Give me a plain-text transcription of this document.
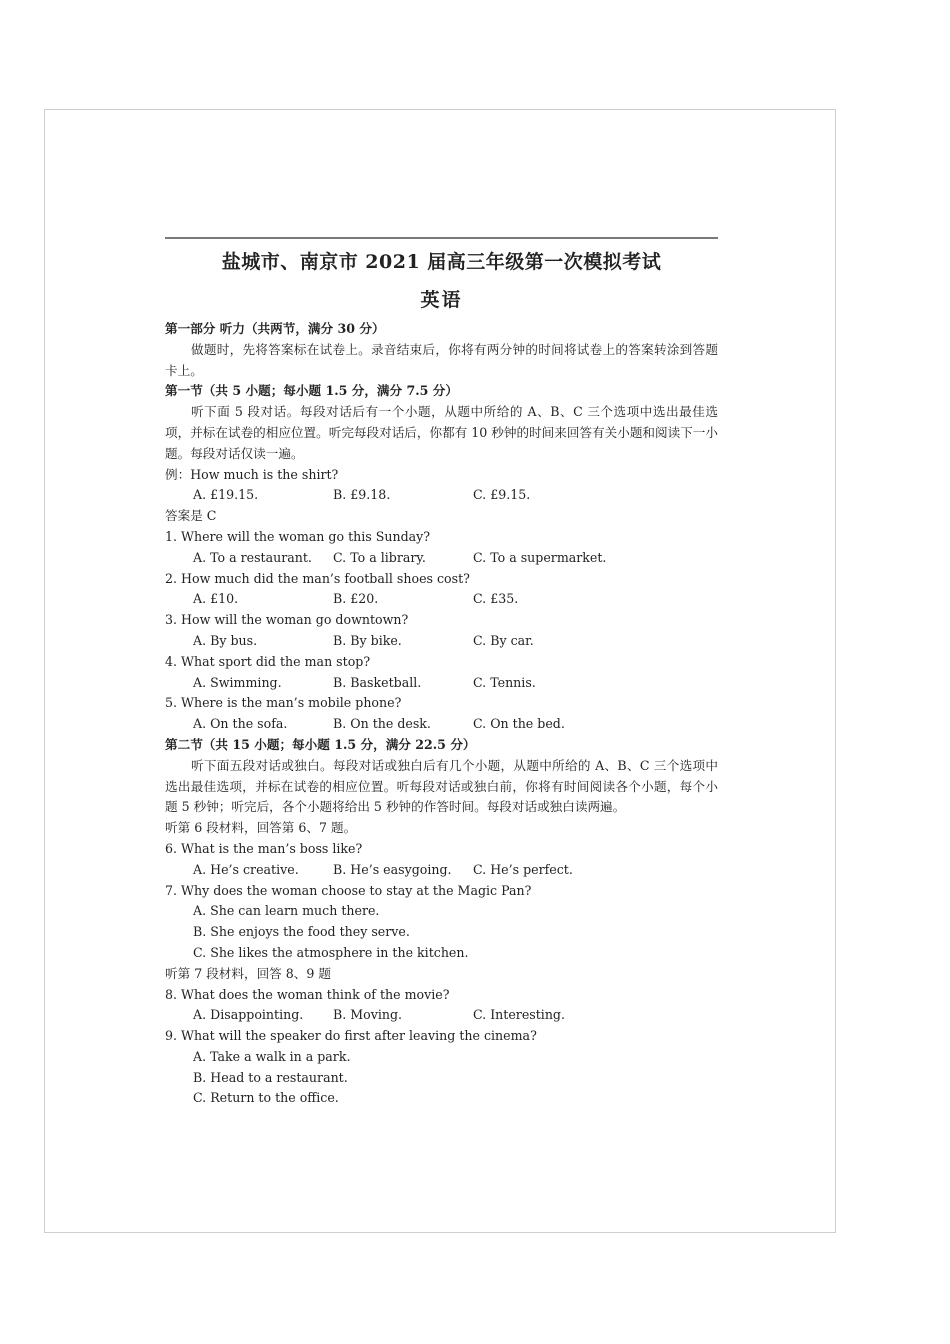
盐城市、南京市 2021 届高三年级第一次模拟考试
英语
第一部分 听力（共两节，满分 30 分）
做题时，先将答案标在试卷上。录音结束后，你将有两分钟的时间将试卷上的答案转涂到答题卡上。
第一节（共 5 小题；每小题 1.5 分，满分 7.5 分）
听下面 5 段对话。每段对话后有一个小题，从题中所给的 A、B、C 三个选项中选出最佳选项，并标在试卷的相应位置。听完每段对话后，你都有 10 秒钟的时间来回答有关小题和阅读下一小题。每段对话仅读一遍。
例：How much is the shirt?
A. £19.15.	B. £9.18.	C. £9.15.
答案是 C
1. Where will the woman go this Sunday?
A. To a restaurant. C. To a library.	C. To a supermarket.
2. How much did the man’s football shoes cost?
A. £10.	B. £20.	C. £35.
3. How will the woman go downtown?
A. By bus.	B. By bike.	C. By car.
4. What sport did the man stop?
A. Swimming.	B. Basketball.	C. Tennis.
5. Where is the man’s mobile phone?
A. On the sofa.	B. On the desk.	C. On the bed.
第二节（共 15 小题；每小题 1.5 分，满分 22.5 分）
听下面五段对话或独白。每段对话或独白后有几个小题，从题中所给的 A、B、C 三个选项中选出最佳选项，并标在试卷的相应位置。听每段对话或独白前，你将有时间阅读各个小题，每个小题 5 秒钟；听完后，各个小题将给出 5 秒钟的作答时间。每段对话或独白读两遍。
听第 6 段材料，回答第 6、7 题。
6. What is the man’s boss like?
A. He’s creative.	B. He’s easygoing. C. He’s perfect.
7. Why does the woman choose to stay at the Magic Pan?
A. She can learn much there.
B. She enjoys the food they serve.
C. She likes the atmosphere in the kitchen.
听第 7 段材料，回答 8、9 题
8. What does the woman think of the movie?
A. Disappointing. B. Moving.	C. Interesting.
9. What will the speaker do first after leaving the cinema?
A. Take a walk in a park.
B. Head to a restaurant.
C. Return to the office.
